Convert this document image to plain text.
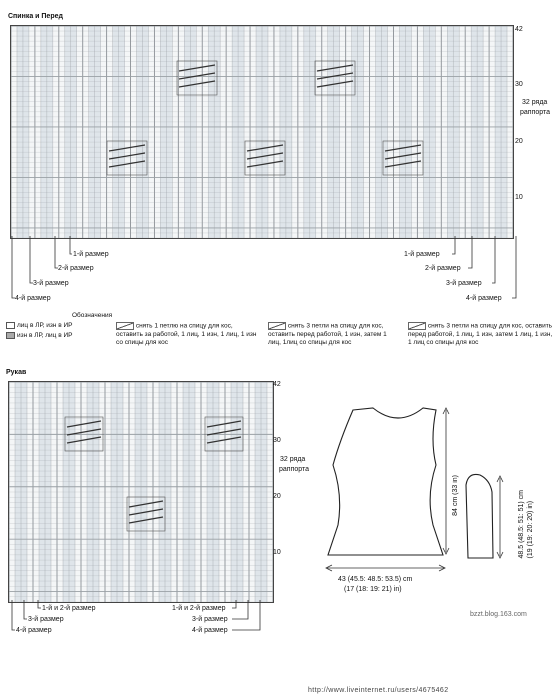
Спинка и Перед
42
30
20
10
32 ряда
раппорта
1-й размер
2-й размер
3-й размер
4-й размер
1-й размер
2-й размер
3-й размер
4-й размер
Обозначения
лиц в ЛР, изн в ИР
изн в ЛР, лиц в ИР
снять 1 петлю на спицу для кос, оставить за работой, 1 лиц, 1 изн, 1 лиц, 1 изн со спицы для кос
снять 3 петли на спицу для кос, оставить перед работой, 1 изн, затем 1 лиц, 1лиц со спицы для кос
снять 3 петли на спицу для кос, оставить перед работой, 1 лиц, 1 изн, затем 1 лиц, 1 изн, 1 лиц со спицы для кос
Рукав
42
30
20
10
32 ряда
раппорта
1-й и 2-й размер
3-й размер
4-й размер
1-й и 2-й размер
3-й размер
4-й размер
84 cm (33 in)
43 (45.5: 48.5: 53.5) cm
(17 (18: 19: 21) in)
48.5 (48.5: 51: 51) cm (19 (19: 20: 20) in)
bzzt.blog.163.com
http://www.liveinternet.ru/users/4675462
